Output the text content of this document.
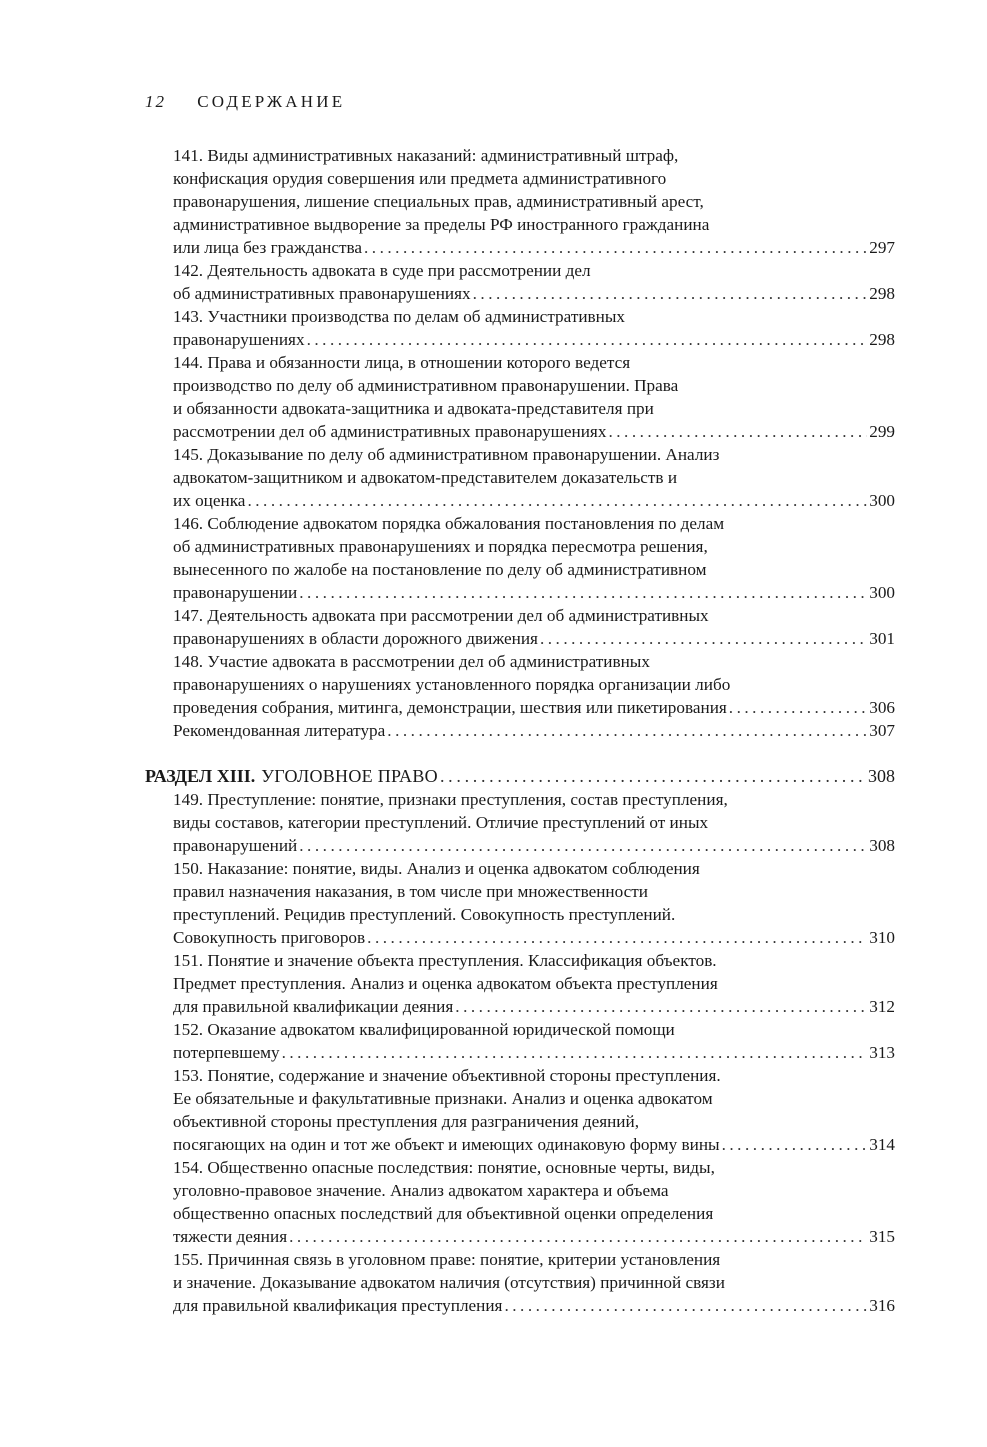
12 СОДЕРЖАНИЕ
141. Виды административных наказаний: административный штраф,
конфискация орудия совершения или предмета административного
правонарушения, лишение специальных прав, административный арест,
административное выдворение за пределы РФ иностранного гражданина
или лица без гражданства . . .	297
142. Деятельность адвоката в суде при рассмотрении дел
об административных правонарушениях . . .	298
143. Участники производства по делам об административных
правонарушениях . . .	298
144. Права и обязанности лица, в отношении которого ведется
производство по делу об административном правонарушении. Права
и обязанности адвоката-защитника и адвоката-представителя при
рассмотрении дел об административных правонарушениях . . .	299
145. Доказывание по делу об административном правонарушении. Анализ
адвокатом-защитником и адвокатом-представителем доказательств и
их оценка . . .	300
146. Соблюдение адвокатом порядка обжалования постановления по делам
об административных правонарушениях и порядка пересмотра решения,
вынесенного по жалобе на постановление по делу об административном
правонарушении . . .	300
147. Деятельность адвоката при рассмотрении дел об административных
правонарушениях в области дорожного движения . . .	301
148. Участие адвоката в рассмотрении дел об административных
правонарушениях о нарушениях установленного порядка организации либо
проведения собрания, митинга, демонстрации, шествия или пикетирования . . .	306
Рекомендованная литература . . .	307
РАЗДЕЛ XIII. УГОЛОВНОЕ ПРАВО . . .	308
149. Преступление: понятие, признаки преступления, состав преступления,
виды составов, категории преступлений. Отличие преступлений от иных
правонарушений . . .	308
150. Наказание: понятие, виды. Анализ и оценка адвокатом соблюдения
правил назначения наказания, в том числе при множественности
преступлений. Рецидив преступлений. Совокупность преступлений.
Совокупность приговоров . . .	310
151. Понятие и значение объекта преступления. Классификация объектов.
Предмет преступления. Анализ и оценка адвокатом объекта преступления
для правильной квалификации деяния . . .	312
152. Оказание адвокатом квалифицированной юридической помощи
потерпевшему . . .	313
153. Понятие, содержание и значение объективной стороны преступления.
Ее обязательные и факультативные признаки. Анализ и оценка адвокатом
объективной стороны преступления для разграничения деяний,
посягающих на один и тот же объект и имеющих одинаковую форму вины . . .	314
154. Общественно опасные последствия: понятие, основные черты, виды,
уголовно-правовое значение. Анализ адвокатом характера и объема
общественно опасных последствий для объективной оценки определения
тяжести деяния . . .	315
155. Причинная связь в уголовном праве: понятие, критерии установления
и значение. Доказывание адвокатом наличия (отсутствия) причинной связи
для правильной квалификация преступления . . .	316
